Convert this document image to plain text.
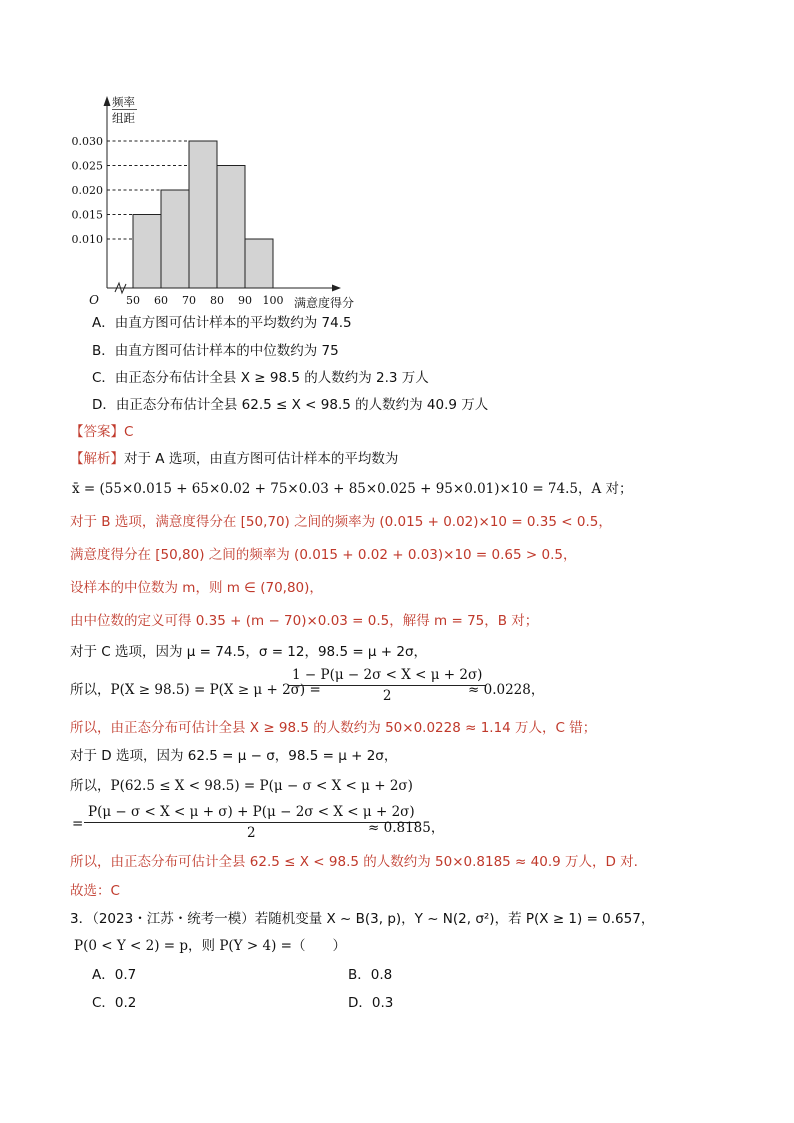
0.010
0.015
0.020
0.025
0.030
50 60 70 80 90 100
O	满意度得分
频率
组距
A．由直方图可估计样本的平均数约为 74.5
B．由直方图可估计样本的中位数约为 75
C．由正态分布估计全县 X ≥ 98.5 的人数约为 2.3 万人
D．由正态分布估计全县 62.5 ≤ X < 98.5 的人数约为 40.9 万人
【答案】C
【解析】对于 A 选项，由直方图可估计样本的平均数为
x̄ = (55×0.015 + 65×0.02 + 75×0.03 + 85×0.025 + 95×0.01)×10 = 74.5，A 对；
对于 B 选项，满意度得分在 [50,70) 之间的频率为 (0.015 + 0.02)×10 = 0.35 < 0.5，
满意度得分在 [50,80) 之间的频率为 (0.015 + 0.02 + 0.03)×10 = 0.65 > 0.5，
设样本的中位数为 m，则 m ∈ (70,80)，
由中位数的定义可得 0.35 + (m − 70)×0.03 = 0.5，解得 m = 75，B 对；
对于 C 选项，因为 μ = 74.5，σ = 12，98.5 = μ + 2σ，
所以，P(X ≥ 98.5) = P(X ≥ μ + 2σ) =
$\frac{1 - P(\mu - 2\sigma < X < \mu + 2\sigma)}{2}$
≈ 0.0228，
所以，由正态分布可估计全县 X ≥ 98.5 的人数约为 50×0.0228 ≈ 1.14 万人，C 错；
对于 D 选项，因为 62.5 = μ − σ，98.5 = μ + 2σ，
所以，P(62.5 ≤ X < 98.5) = P(μ − σ < X < μ + 2σ)
= $\frac{P(\mu - \sigma < X < \mu + \sigma) + P(\mu - 2\sigma < X < \mu + 2\sigma)}{2}$
≈ 0.8185，
所以，由正态分布可估计全县 62.5 ≤ X < 98.5 的人数约为 50×0.8185 ≈ 40.9 万人，D 对.
故选：C
3．（2023・江苏・统考一模）若随机变量 X ~ B(3, p)，Y ~ N(2, σ²)，若 P(X ≥ 1) = 0.657，
P(0 < Y < 2) = p，则 P(Y > 4) =（　　）
A．0.7	B．0.8
C．0.2	D．0.3
